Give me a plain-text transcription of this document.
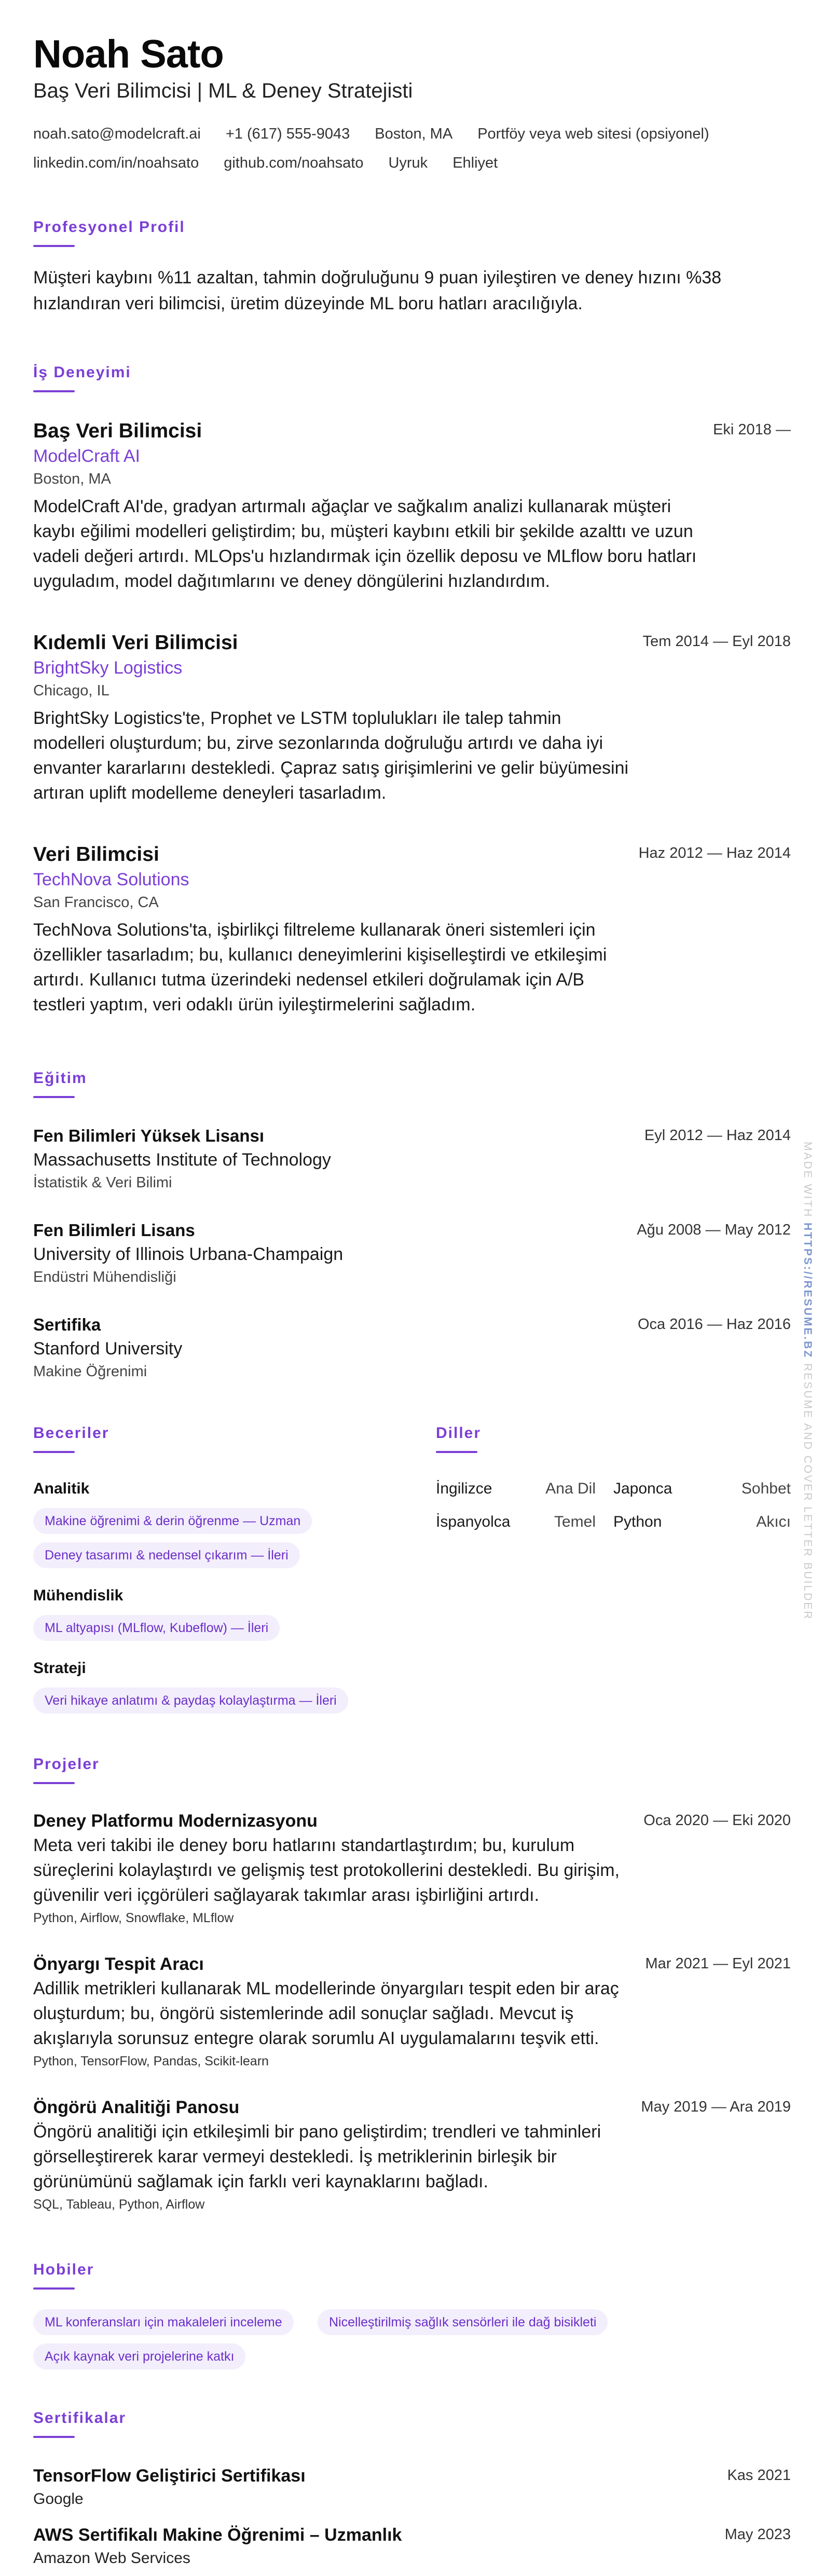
Noah Sato
Baş Veri Bilimcisi | ML & Deney Stratejisti
noah.sato@modelcraft.ai +1 (617) 555-9043 Boston, MA Portföy veya web sitesi (opsiyonel)
linkedin.com/in/noahsato github.com/noahsato Uyruk Ehliyet
Profesyonel Profil
Müşteri kaybını %11 azaltan, tahmin doğruluğunu 9 puan iyileştiren ve deney hızını %38 hızlandıran veri bilimcisi, üretim düzeyinde ML boru hatları aracılığıyla.
İş Deneyimi
Baş Veri Bilimcisi
ModelCraft AI
Boston, MA
ModelCraft AI'de, gradyan artırmalı ağaçlar ve sağkalım analizi kullanarak müşteri kaybı eğilimi modelleri geliştirdim; bu, müşteri kaybını etkili bir şekilde azalttı ve uzun vadeli değeri artırdı. MLOps'u hızlandırmak için özellik deposu ve MLflow boru hatları uyguladım, model dağıtımlarını ve deney döngülerini hızlandırdım.
Eki 2018 —
Kıdemli Veri Bilimcisi
BrightSky Logistics
Chicago, IL
BrightSky Logistics'te, Prophet ve LSTM toplulukları ile talep tahmin modelleri oluşturdum; bu, zirve sezonlarında doğruluğu artırdı ve daha iyi envanter kararlarını destekledi. Çapraz satış girişimlerini ve gelir büyümesini artıran uplift modelleme deneyleri tasarladım.
Tem 2014 — Eyl 2018
Veri Bilimcisi
TechNova Solutions
San Francisco, CA
TechNova Solutions'ta, işbirlikçi filtreleme kullanarak öneri sistemleri için özellikler tasarladım; bu, kullanıcı deneyimlerini kişiselleştirdi ve etkileşimi artırdı. Kullanıcı tutma üzerindeki nedensel etkileri doğrulamak için A/B testleri yaptım, veri odaklı ürün iyileştirmelerini sağladım.
Haz 2012 — Haz 2014
Eğitim
Fen Bilimleri Yüksek Lisansı
Massachusetts Institute of Technology
İstatistik & Veri Bilimi
Eyl 2012 — Haz 2014
Fen Bilimleri Lisans
University of Illinois Urbana-Champaign
Endüstri Mühendisliği
Ağu 2008 — May 2012
Sertifika
Stanford University
Makine Öğrenimi
Oca 2016 — Haz 2016
Beceriler
Analitik
Makine öğrenimi & derin öğrenme — Uzman
Deney tasarımı & nedensel çıkarım — İleri
Mühendislik
ML altyapısı (MLflow, Kubeflow) — İleri
Strateji
Veri hikaye anlatımı & paydaş kolaylaştırma — İleri
Diller
İngilizce	Ana Dil Japonca	Sohbet
İspanyolca	Temel Python	Akıcı
Projeler
Deney Platformu Modernizasyonu
Meta veri takibi ile deney boru hatlarını standartlaştırdım; bu, kurulum süreçlerini kolaylaştırdı ve gelişmiş test protokollerini destekledi. Bu girişim, güvenilir veri içgörüleri sağlayarak takımlar arası işbirliğini artırdı.
Python, Airflow, Snowflake, MLflow
Oca 2020 — Eki 2020
Önyargı Tespit Aracı
Adillik metrikleri kullanarak ML modellerinde önyargıları tespit eden bir araç oluşturdum; bu, öngörü sistemlerinde adil sonuçlar sağladı. Mevcut iş akışlarıyla sorunsuz entegre olarak sorumlu AI uygulamalarını teşvik etti.
Python, TensorFlow, Pandas, Scikit-learn
Mar 2021 — Eyl 2021
Öngörü Analitiği Panosu
Öngörü analitiği için etkileşimli bir pano geliştirdim; trendleri ve tahminleri görselleştirerek karar vermeyi destekledi. İş metriklerinin birleşik bir görünümünü sağlamak için farklı veri kaynaklarını bağladı.
SQL, Tableau, Python, Airflow
May 2019 — Ara 2019
Hobiler
ML konferansları için makaleleri inceleme	Nicelleştirilmiş sağlık sensörleri ile dağ bisikleti
Açık kaynak veri projelerine katkı
Sertifikalar
TensorFlow Geliştirici Sertifikası
Google
Kas 2021
AWS Sertifikalı Makine Öğrenimi – Uzmanlık
Amazon Web Services
May 2023
MADE WITH HTTPS://RESUME.BZ RESUME AND COVER LETTER BUILDER
